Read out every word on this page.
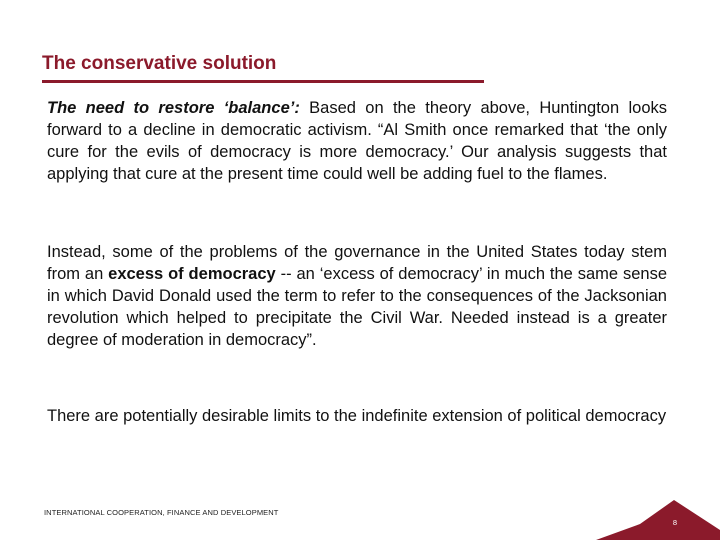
The conservative solution
The need to restore ‘balance’: Based on the theory above, Huntington looks forward to a decline in democratic activism. “Al Smith once remarked that ‘the only cure for the evils of democracy is more democracy.’ Our analysis suggests that applying that cure at the present time could well be adding fuel to the flames.
Instead, some of the problems of the governance in the United States today stem from an excess of democracy -- an ‘excess of democracy’ in much the same sense in which David Donald used the term to refer to the consequences of the Jacksonian revolution which helped to precipitate the Civil War. Needed instead is a greater degree of moderation in democracy”.
There are potentially desirable limits to the indefinite extension of political democracy
INTERNATIONAL COOPERATION, FINANCE AND DEVELOPMENT
8
